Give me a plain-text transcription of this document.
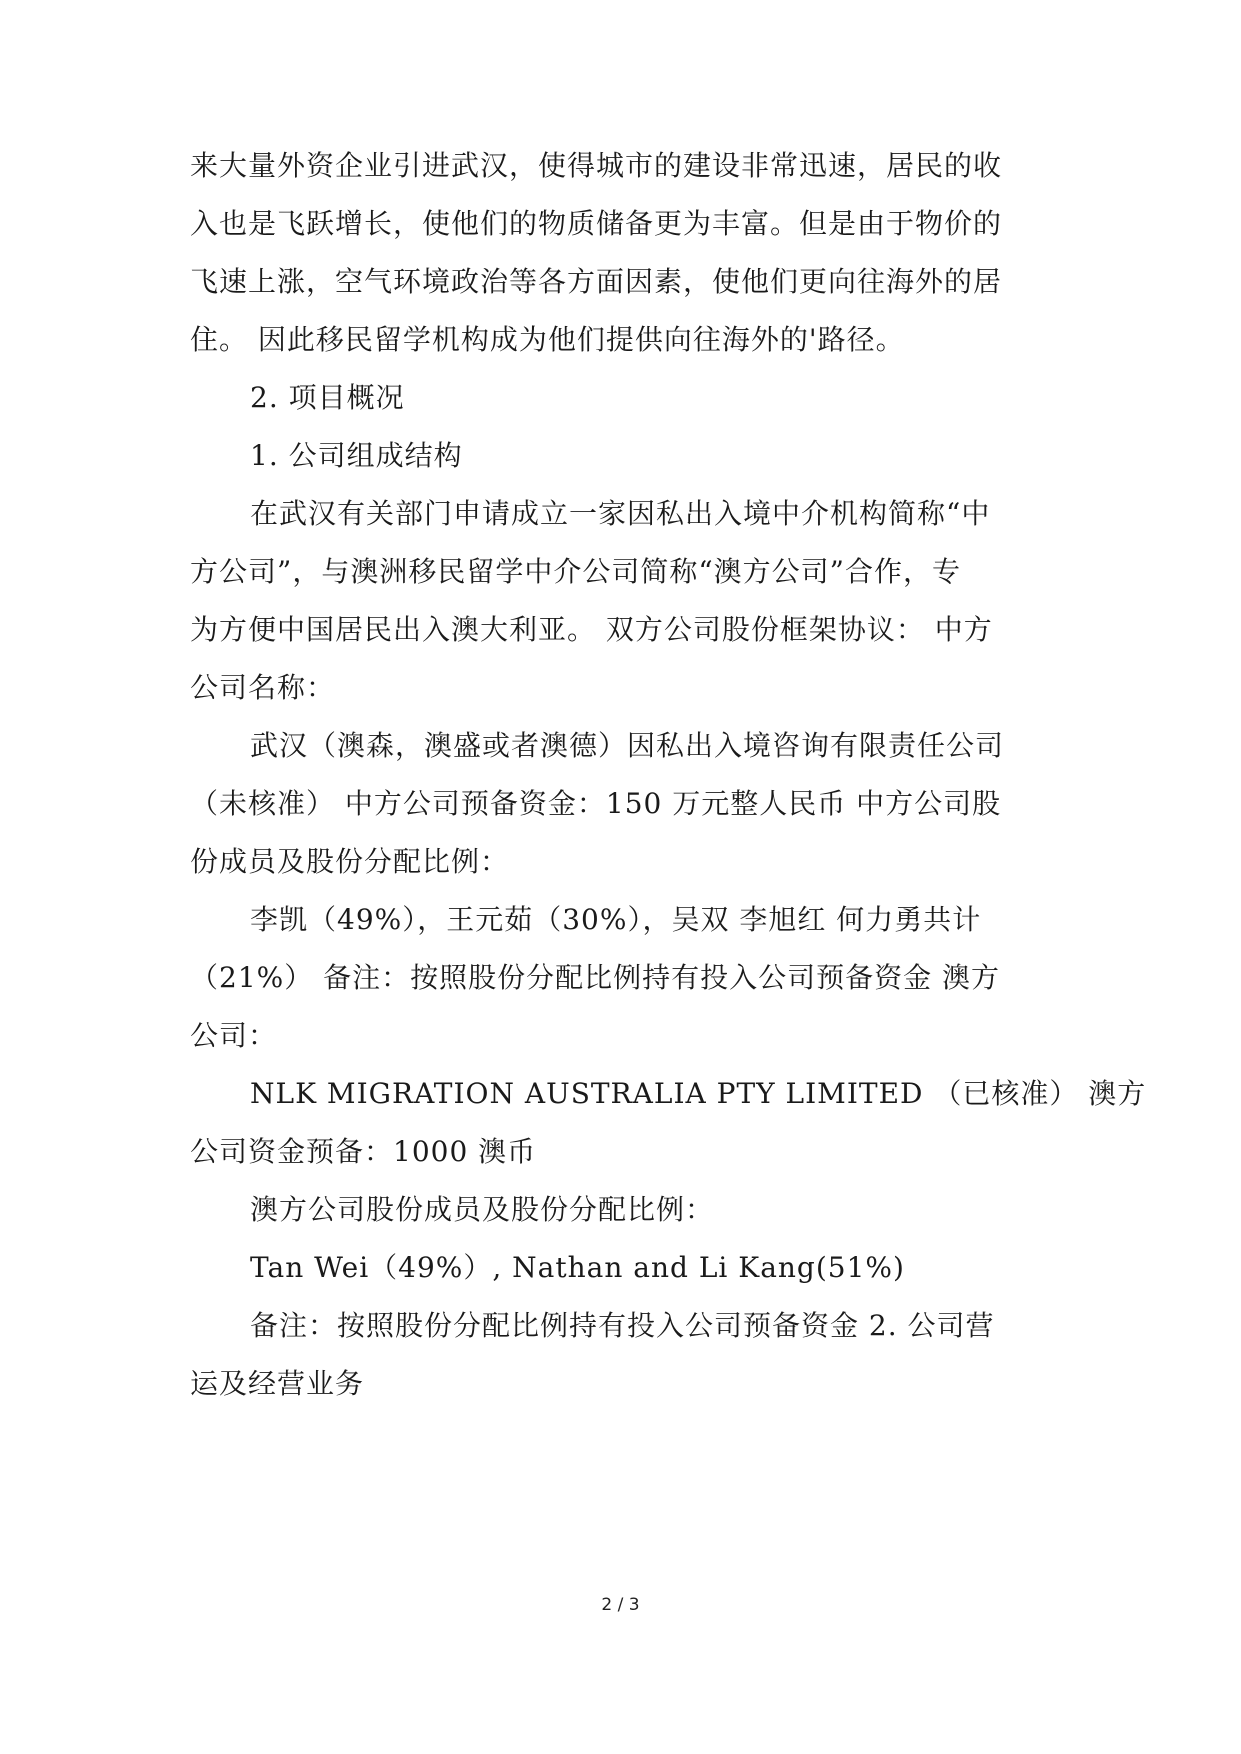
来大量外资企业引进武汉，使得城市的建设非常迅速，居民的收
入也是飞跃增长，使他们的物质储备更为丰富。但是由于物价的
飞速上涨，空气环境政治等各方面因素，使他们更向往海外的居
住。 因此移民留学机构成为他们提供向往海外的'路径。
2. 项目概况
1. 公司组成结构
在武汉有关部门申请成立一家因私出入境中介机构简称“中
方公司”，与澳洲移民留学中介公司简称“澳方公司”合作，专
为方便中国居民出入澳大利亚。 双方公司股份框架协议： 中方
公司名称：
武汉（澳森，澳盛或者澳德）因私出入境咨询有限责任公司
（未核准） 中方公司预备资金：150 万元整人民币 中方公司股
份成员及股份分配比例：
李凯（49%），王元茹（30%），吴双 李旭红 何力勇共计
（21%） 备注：按照股份分配比例持有投入公司预备资金 澳方
公司：
NLK MIGRATION AUSTRALIA PTY LIMITED （已核准） 澳方
公司资金预备：1000 澳币
澳方公司股份成员及股份分配比例：
Tan Wei（49%）, Nathan and Li Kang(51%)
备注：按照股份分配比例持有投入公司预备资金 2. 公司营
运及经营业务
2 / 3
